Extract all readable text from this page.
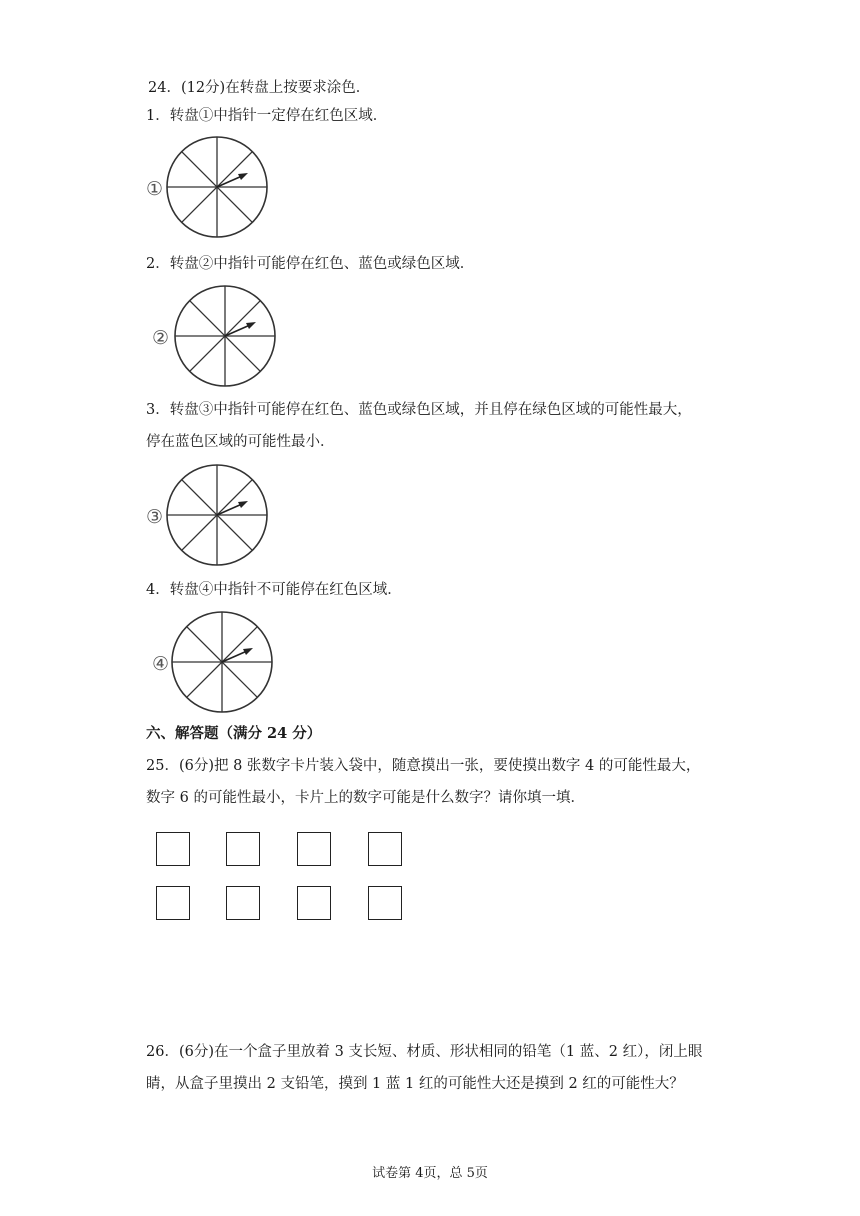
24．(12分)在转盘上按要求涂色．
1．转盘①中指针一定停在红色区域．
①
2．转盘②中指针可能停在红色、蓝色或绿色区域．
②
3．转盘③中指针可能停在红色、蓝色或绿色区域，并且停在绿色区域的可能性最大，
停在蓝色区域的可能性最小．
③
4．转盘④中指针不可能停在红色区域．
④
六、解答题（满分 24 分）
25．(6分)把 8 张数字卡片装入袋中，随意摸出一张，要使摸出数字 4 的可能性最大，
数字 6 的可能性最小，卡片上的数字可能是什么数字？请你填一填．
26．(6分)在一个盒子里放着 3 支长短、材质、形状相同的铅笔（1 蓝、2 红），闭上眼
睛，从盒子里摸出 2 支铅笔，摸到 1 蓝 1 红的可能性大还是摸到 2 红的可能性大？
试卷第 4页，总 5页
